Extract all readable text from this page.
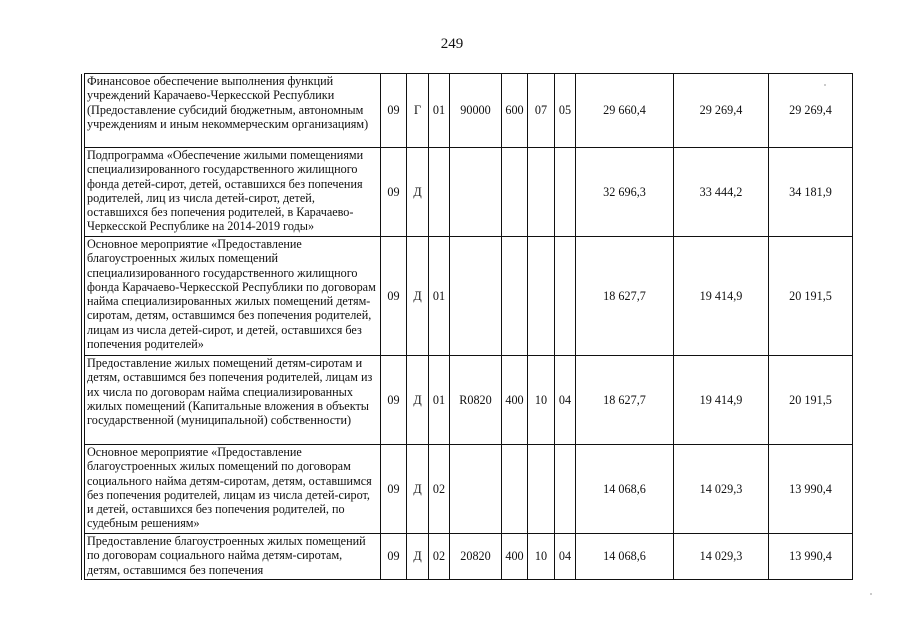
249
	Финансовое обеспечение выполнения функций учреждений Карачаево-Черкесской Республики (Предоставление субсидий бюджетным, автономным учреждениям и иным некоммерческим организациям)	09	Г	01	90000	600	07	05	29 660,4	29 269,4	29 269,4
	Подпрограмма «Обеспечение жилыми помещениями специализированного государственного жилищного фонда детей-сирот, детей, оставшихся без попечения родителей, лиц из числа детей-сирот, детей, оставшихся без попечения родителей, в Карачаево-Черкесской Республике на 2014-2019 годы»	09	Д						32 696,3	33 444,2	34 181,9
	Основное мероприятие «Предоставление благоустроенных жилых помещений специализированного государственного жилищного фонда Карачаево-Черкесской Республики по договорам найма специализированных жилых помещений детям-сиротам, детям, оставшимся без попечения родителей, лицам из числа детей-сирот, и детей, оставшихся без попечения родителей»	09	Д	01					18 627,7	19 414,9	20 191,5
	Предоставление жилых помещений детям-сиротам и детям, оставшимся без попечения родителей, лицам из их числа по договорам найма специализированных жилых помещений (Капитальные вложения в объекты государственной (муниципальной) собственности)	09	Д	01	R0820	400	10	04	18 627,7	19 414,9	20 191,5
	Основное мероприятие «Предоставление благоустроенных жилых помещений по договорам социального найма детям-сиротам, детям, оставшимся без попечения родителей, лицам из числа детей-сирот, и детей, оставшихся без попечения родителей, по судебным решениям»	09	Д	02					14 068,6	14 029,3	13 990,4
	Предоставление благоустроенных жилых помещений по договорам социального найма детям-сиротам, детям, оставшимся без попечения	09	Д	02	20820	400	10	04	14 068,6	14 029,3	13 990,4
